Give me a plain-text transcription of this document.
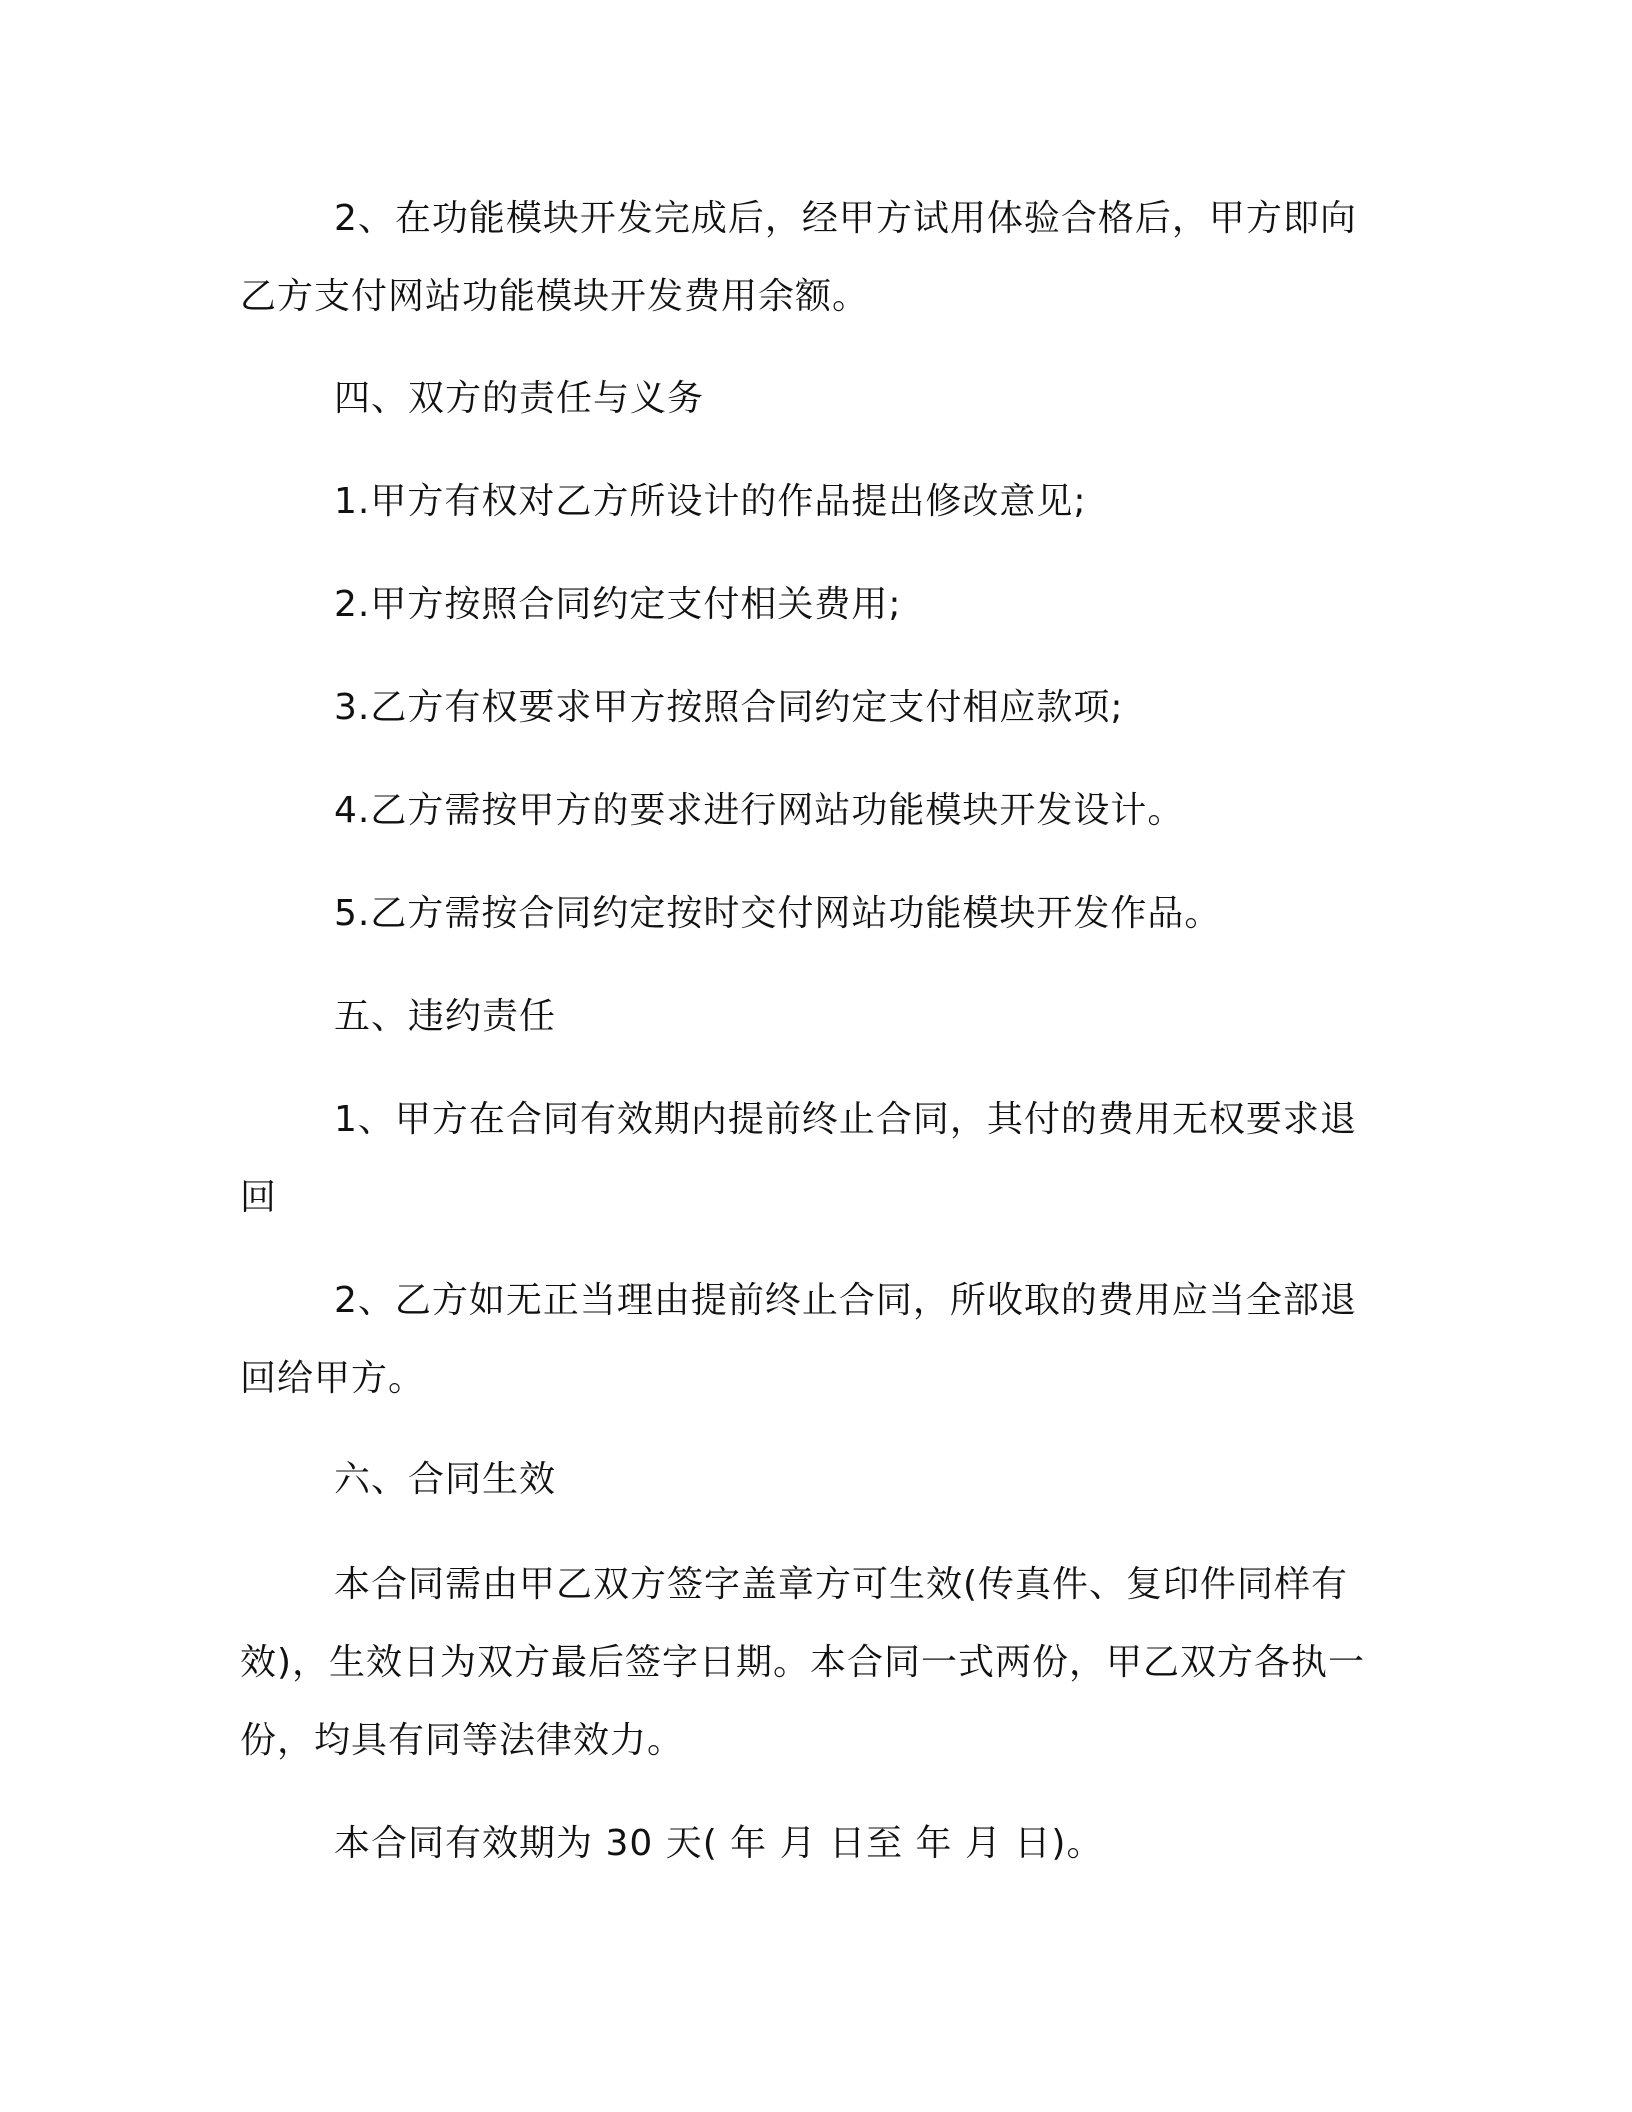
2、在功能模块开发完成后，经甲方试用体验合格后，甲方即向乙方支付网站功能模块开发费用余额。
四、双方的责任与义务
1.甲方有权对乙方所设计的作品提出修改意见;
2.甲方按照合同约定支付相关费用;
3.乙方有权要求甲方按照合同约定支付相应款项;
4.乙方需按甲方的要求进行网站功能模块开发设计。
5.乙方需按合同约定按时交付网站功能模块开发作品。
五、违约责任
1、甲方在合同有效期内提前终止合同，其付的费用无权要求退回
2、乙方如无正当理由提前终止合同，所收取的费用应当全部退回给甲方。
六、合同生效
本合同需由甲乙双方签字盖章方可生效(传真件、复印件同样有效)，生效日为双方最后签字日期。本合同一式两份，甲乙双方各执一份，均具有同等法律效力。
本合同有效期为 30 天( 年 月 日至 年 月 日)。
